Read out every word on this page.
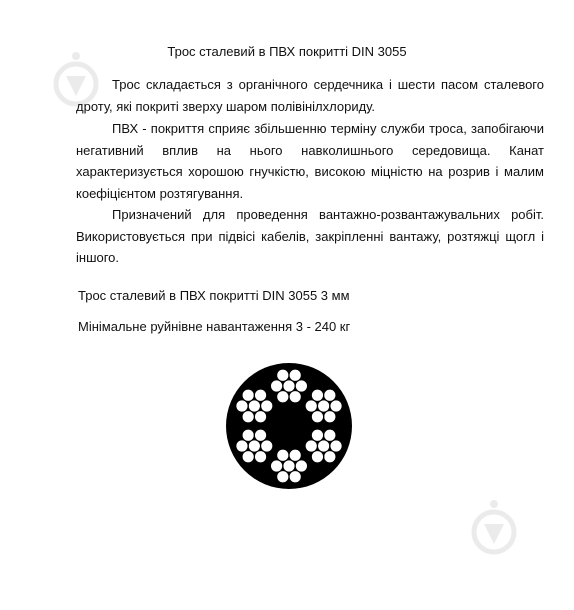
Трос сталевий в ПВХ покритті DIN 3055
Трос складається з органічного сердечника і шести пасом сталевого дроту, які покриті зверху шаром полівінілхлориду.
ПВХ - покриття сприяє збільшенню терміну служби троса, запобігаючи негативний вплив на нього навколишнього середовища. Канат характеризується хорошою гнучкістю, високою міцністю на розрив і малим коефіцієнтом розтягування.
Призначений для проведення вантажно-розвантажувальних робіт. Використовується при підвісі кабелів, закріпленні вантажу, розтяжці щогл і іншого.
Трос сталевий в ПВХ покритті DIN 3055 3 мм
Мінімальне руйнівне навантаження 3 - 240 кг
